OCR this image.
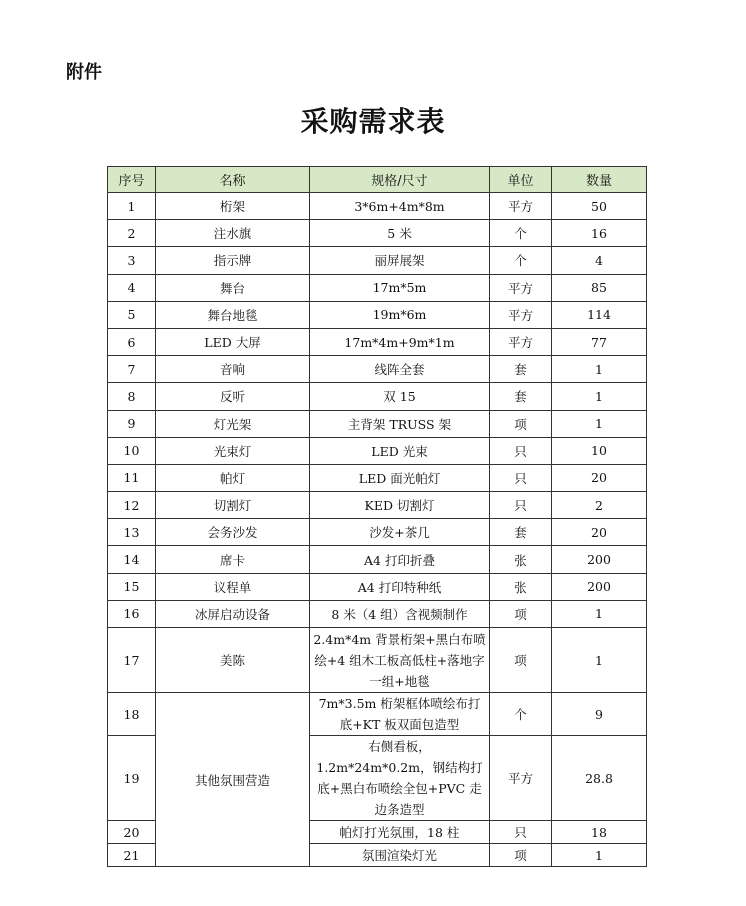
附件
采购需求表
序号	名称	规格/尺寸	单位	数量
1	桁架	3*6m+4m*8m	平方	50
2	注水旗	5 米	个	16
3	指示牌	丽屏展架	个	4
4	舞台	17m*5m	平方	85
5	舞台地毯	19m*6m	平方	114
6	LED 大屏	17m*4m+9m*1m	平方	77
7	音响	线阵全套	套	1
8	反听	双 15	套	1
9	灯光架	主背架 TRUSS 架	项	1
10	光束灯	LED 光束	只	10
11	帕灯	LED 面光帕灯	只	20
12	切割灯	KED 切割灯	只	2
13	会务沙发	沙发+茶几	套	20
14	席卡	A4 打印折叠	张	200
15	议程单	A4 打印特种纸	张	200
16	冰屏启动设备	8 米（4 组）含视频制作	项	1
17	美陈	2.4m*4m 背景桁架+黑白布喷绘+4 组木工板高低柱+落地字一组+地毯	项	1
18	其他氛围营造	7m*3.5m 桁架框体喷绘布打底+KT 板双面包造型	个	9
19		右侧看板，1.2m*24m*0.2m，钢结构打底+黑白布喷绘全包+PVC 走边条造型	平方	28.8
20		帕灯打光氛围，18 柱	只	18
21		氛围渲染灯光	项	1
